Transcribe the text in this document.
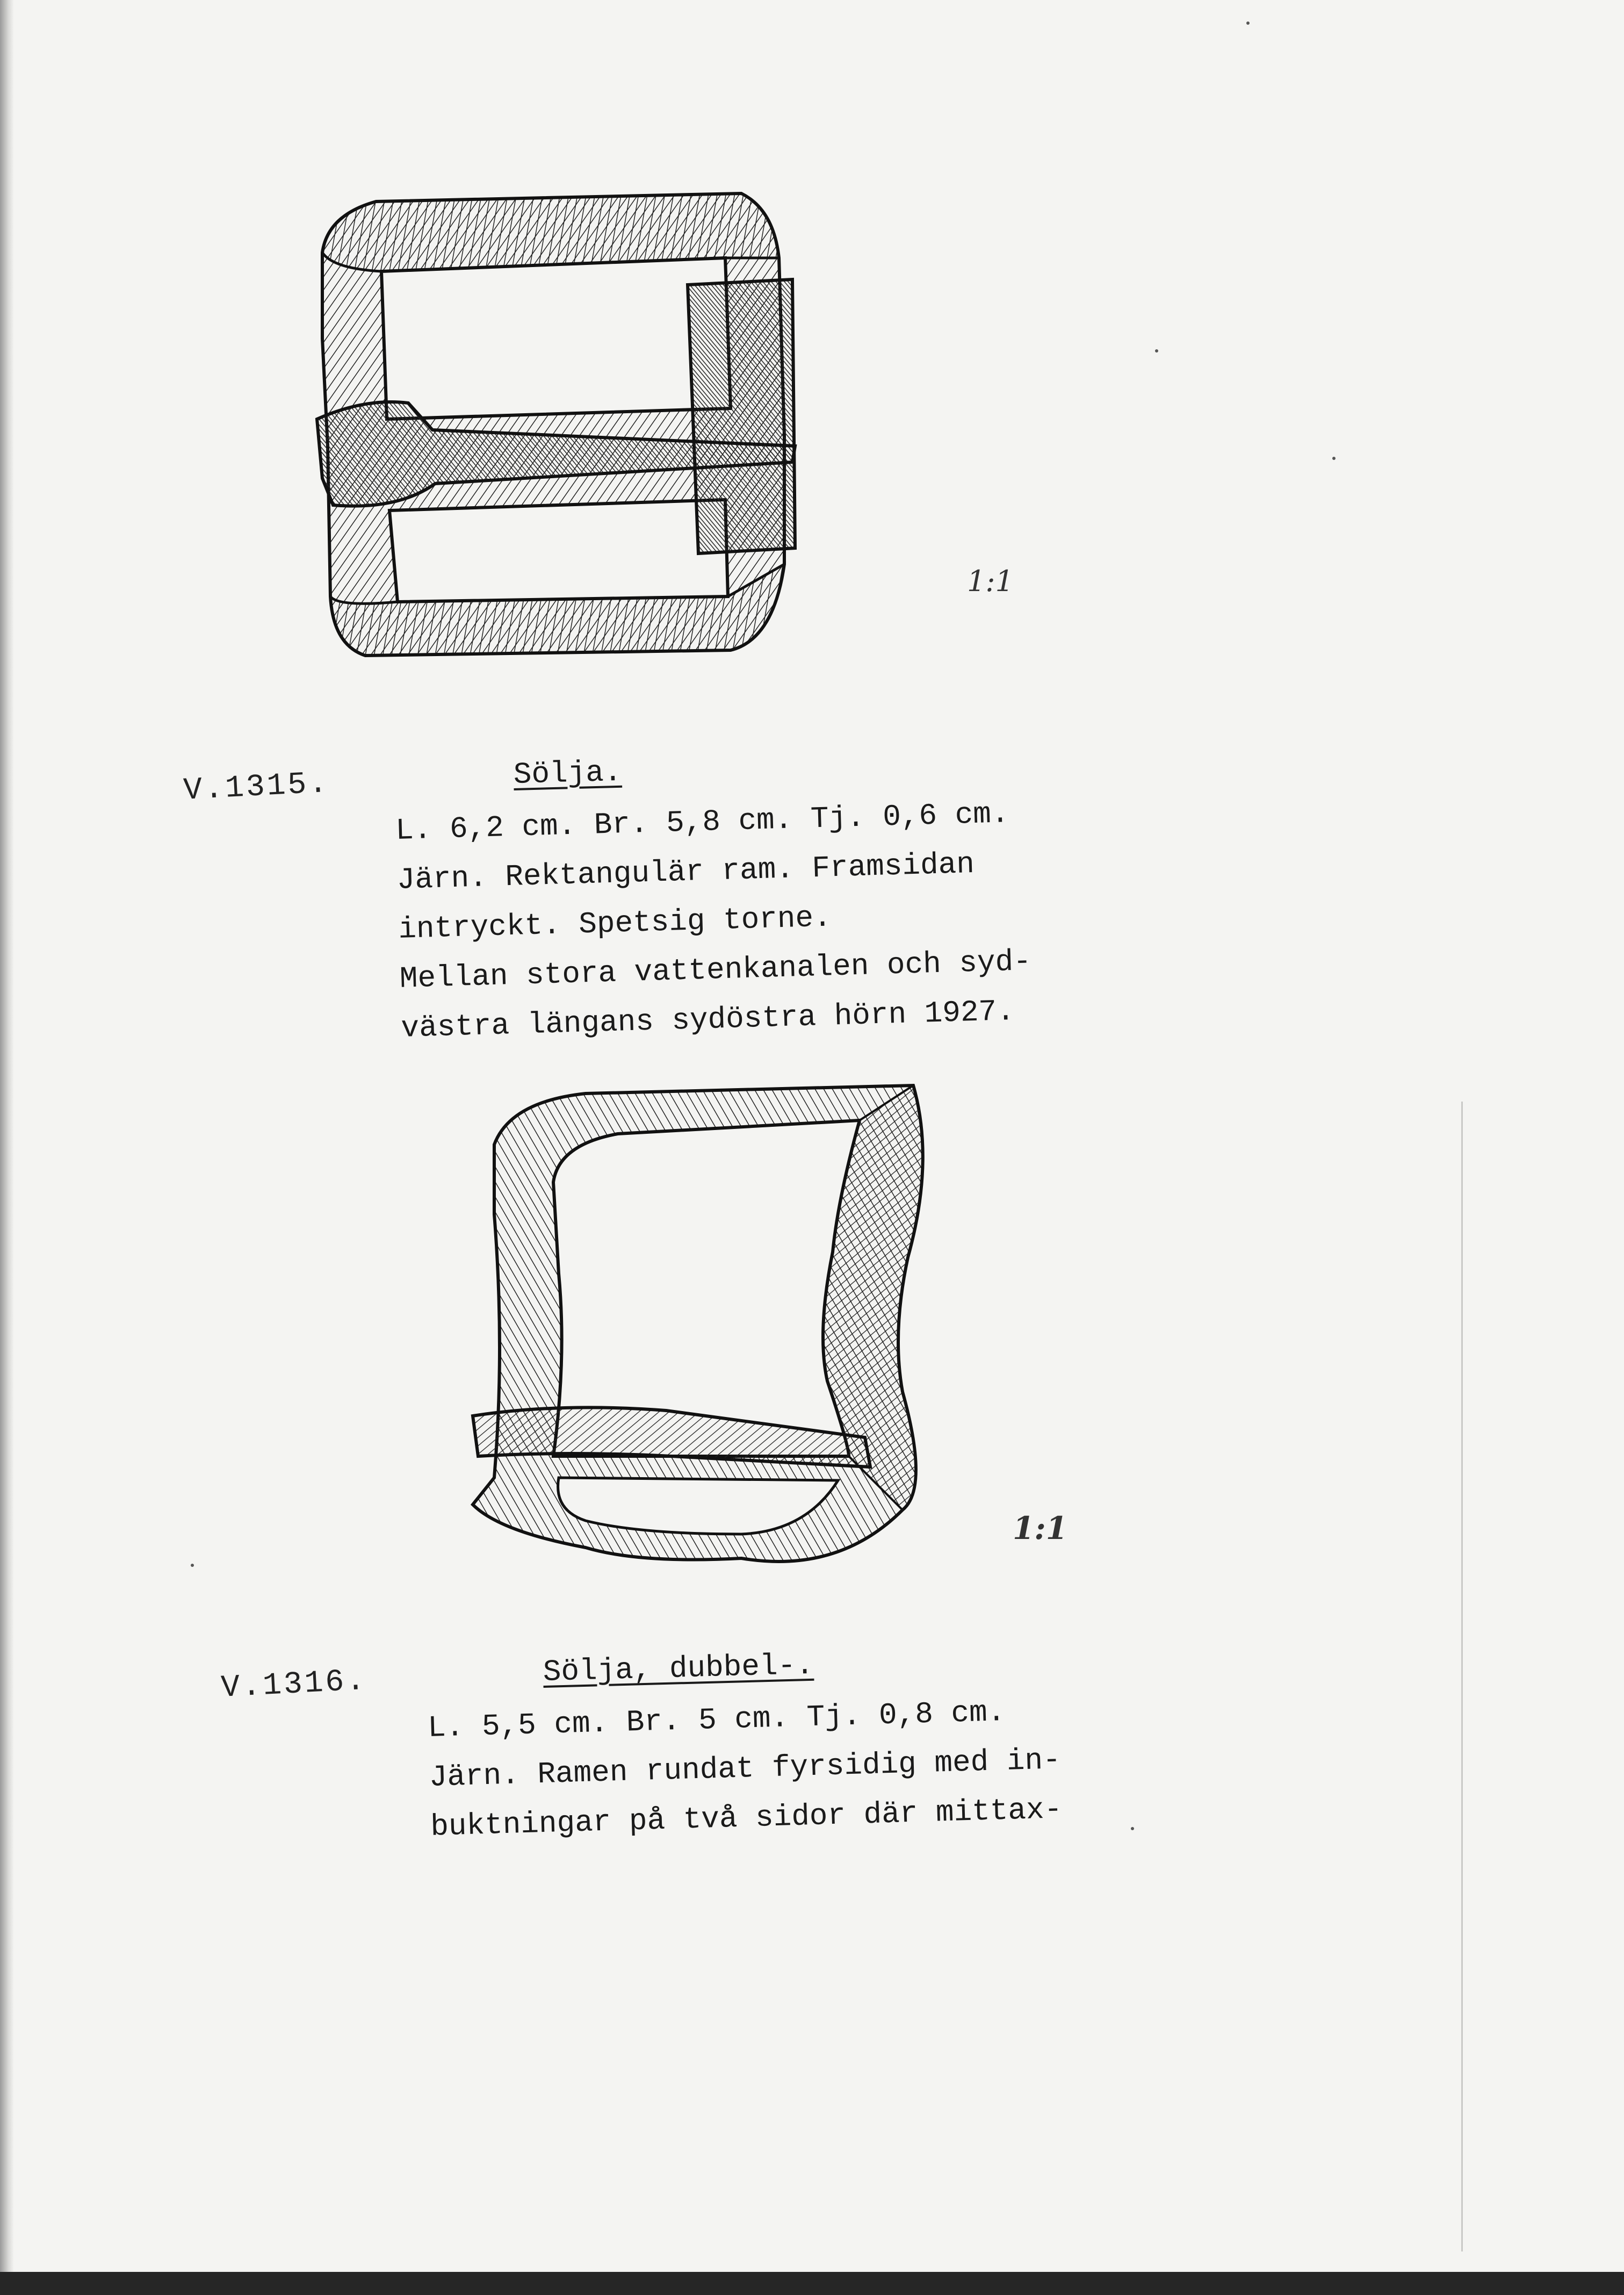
1:1
V.1315.	Sölja.
L. 6,2 cm. Br. 5,8 cm. Tj. 0,6 cm.
Järn. Rektangulär ram. Framsidan
intryckt. Spetsig torne.
Mellan stora vattenkanalen och syd-
västra längans sydöstra hörn 1927.
1:1
V.1316.	Sölja, dubbel-.
L. 5,5 cm. Br. 5 cm. Tj. 0,8 cm.
Järn. Ramen rundat fyrsidig med in-
buktningar på två sidor där mittax-
